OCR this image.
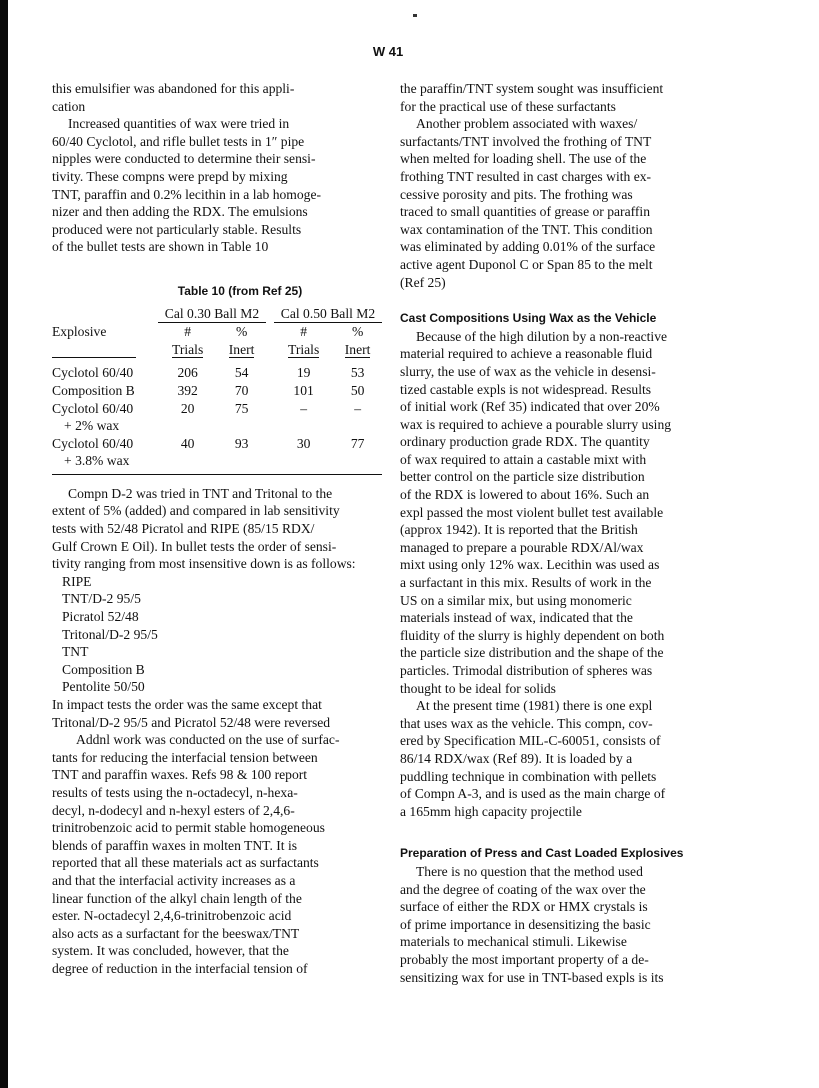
W 41
this emulsifier was abandoned for this appli-
cation
Increased quantities of wax were tried in
60/40 Cyclotol, and rifle bullet tests in 1″ pipe
nipples were conducted to determine their sensi-
tivity. These compns were prepd by mixing
TNT, paraffin and 0.2% lecithin in a lab homoge-
nizer and then adding the RDX. The emulsions
produced were not particularly stable. Results
of the bullet tests are shown in Table 10
Table 10 (from Ref 25)
	Cal 0.30 Ball M2			Cal 0.50 Ball M2	
Explosive	#	%		#	%
	Trials	Inert		Trials	Inert

Cyclotol 60/40	206	54		19	53
Composition B	392	70		101	50
Cyclotol 60/40	20	75		–	–
+ 2% wax					
Cyclotol 60/40	40	93		30	77
+ 3.8% wax					
Compn D-2 was tried in TNT and Tritonal to the
extent of 5% (added) and compared in lab sensitivity
tests with 52/48 Picratol and RIPE (85/15 RDX/
Gulf Crown E Oil). In bullet tests the order of sensi-
tivity ranging from most insensitive down is as follows:
RIPE
TNT/D-2 95/5
Picratol 52/48
Tritonal/D-2 95/5
TNT
Composition B
Pentolite 50/50
In impact tests the order was the same except that
Tritonal/D-2 95/5 and Picratol 52/48 were reversed
Addnl work was conducted on the use of surfac-
tants for reducing the interfacial tension between
TNT and paraffin waxes. Refs 98 & 100 report
results of tests using the n-octadecyl, n-hexa-
decyl, n-dodecyl and n-hexyl esters of 2,4,6-
trinitrobenzoic acid to permit stable homogeneous
blends of paraffin waxes in molten TNT. It is
reported that all these materials act as surfactants
and that the interfacial activity increases as a
linear function of the alkyl chain length of the
ester. N-octadecyl 2,4,6-trinitrobenzoic acid
also acts as a surfactant for the beeswax/TNT
system. It was concluded, however, that the
degree of reduction in the interfacial tension of
the paraffin/TNT system sought was insufficient
for the practical use of these surfactants
Another problem associated with waxes/
surfactants/TNT involved the frothing of TNT
when melted for loading shell. The use of the
frothing TNT resulted in cast charges with ex-
cessive porosity and pits. The frothing was
traced to small quantities of grease or paraffin
wax contamination of the TNT. This condition
was eliminated by adding 0.01% of the surface
active agent Duponol C or Span 85 to the melt
(Ref 25)
Cast Compositions Using Wax as the Vehicle
Because of the high dilution by a non-reactive
material required to achieve a reasonable fluid
slurry, the use of wax as the vehicle in desensi-
tized castable expls is not widespread. Results
of initial work (Ref 35) indicated that over 20%
wax is required to achieve a pourable slurry using
ordinary production grade RDX. The quantity
of wax required to attain a castable mixt with
better control on the particle size distribution
of the RDX is lowered to about 16%. Such an
expl passed the most violent bullet test available
(approx 1942). It is reported that the British
managed to prepare a pourable RDX/Al/wax
mixt using only 12% wax. Lecithin was used as
a surfactant in this mix. Results of work in the
US on a similar mix, but using monomeric
materials instead of wax, indicated that the
fluidity of the slurry is highly dependent on both
the particle size distribution and the shape of the
particles. Trimodal distribution of spheres was
thought to be ideal for solids
At the present time (1981) there is one expl
that uses wax as the vehicle. This compn, cov-
ered by Specification MIL-C-60051, consists of
86/14 RDX/wax (Ref 89). It is loaded by a
puddling technique in combination with pellets
of Compn A-3, and is used as the main charge of
a 165mm high capacity projectile
Preparation of Press and Cast Loaded Explosives
There is no question that the method used
and the degree of coating of the wax over the
surface of either the RDX or HMX crystals is
of prime importance in desensitizing the basic
materials to mechanical stimuli. Likewise
probably the most important property of a de-
sensitizing wax for use in TNT-based expls is its
